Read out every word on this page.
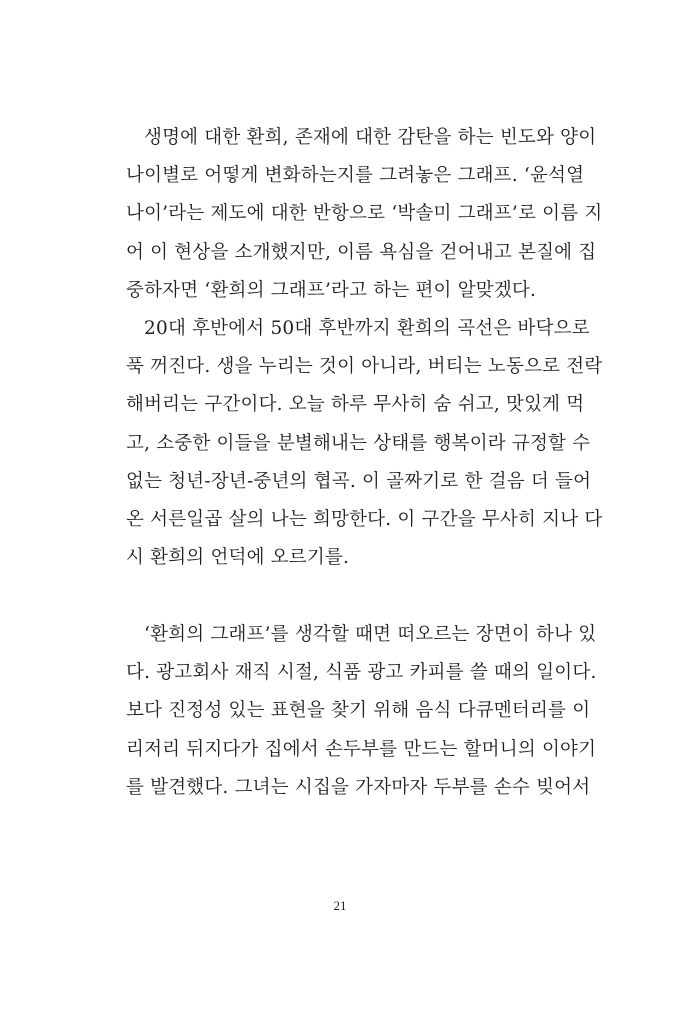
생명에 대한 환희, 존재에 대한 감탄을 하는 빈도와 양이
나이별로 어떻게 변화하는지를 그려놓은 그래프. ‘윤석열
나이’라는 제도에 대한 반항으로 ‘박솔미 그래프’로 이름 지
어 이 현상을 소개했지만, 이름 욕심을 걷어내고 본질에 집
중하자면 ‘환희의 그래프’라고 하는 편이 알맞겠다.
20대 후반에서 50대 후반까지 환희의 곡선은 바닥으로
푹 꺼진다. 생을 누리는 것이 아니라, 버티는 노동으로 전락
해버리는 구간이다. 오늘 하루 무사히 숨 쉬고, 맛있게 먹
고, 소중한 이들을 분별해내는 상태를 행복이라 규정할 수
없는 청년-장년-중년의 협곡. 이 골짜기로 한 걸음 더 들어
온 서른일곱 살의 나는 희망한다. 이 구간을 무사히 지나 다
시 환희의 언덕에 오르기를.
‘환희의 그래프’를 생각할 때면 떠오르는 장면이 하나 있
다. 광고회사 재직 시절, 식품 광고 카피를 쓸 때의 일이다.
보다 진정성 있는 표현을 찾기 위해 음식 다큐멘터리를 이
리저리 뒤지다가 집에서 손두부를 만드는 할머니의 이야기
를 발견했다. 그녀는 시집을 가자마자 두부를 손수 빚어서
21
